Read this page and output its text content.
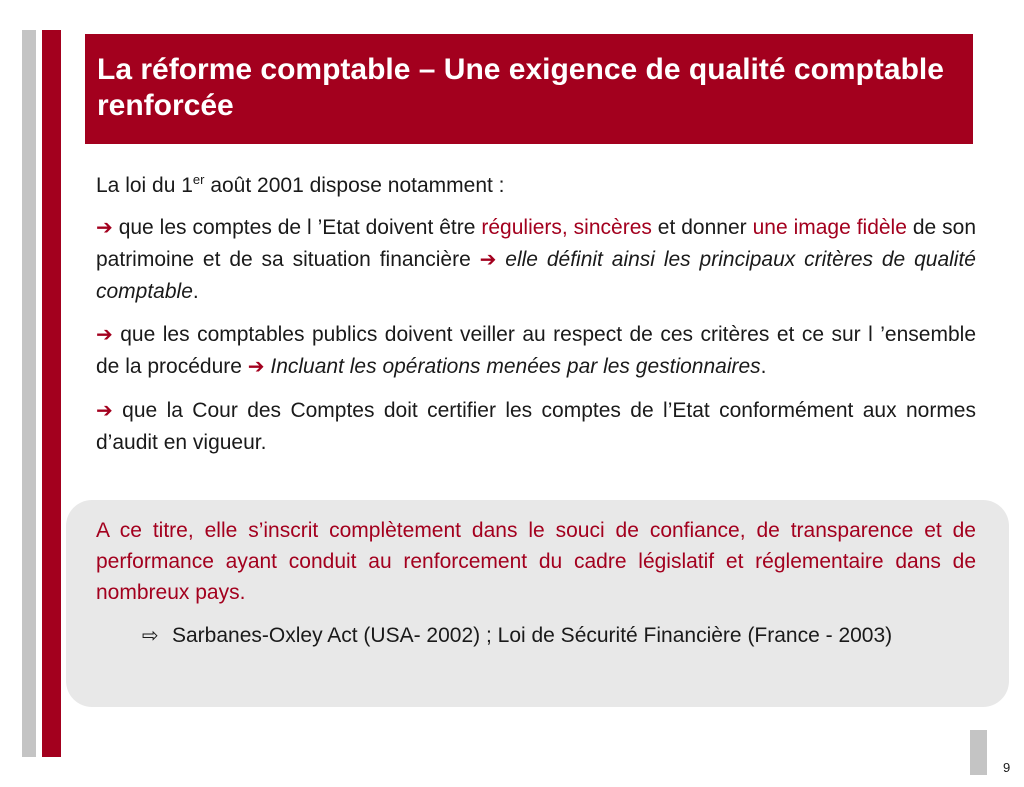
La réforme comptable – Une exigence de qualité comptable renforcée

La loi du 1er août 2001 dispose notamment :

➔ que les comptes de l ’Etat doivent être réguliers, sincères et donner une image fidèle de son patrimoine et de sa situation financière ➔ elle définit ainsi les principaux critères de qualité comptable.

➔ que les comptables publics doivent veiller au respect de ces critères et ce sur l ’ensemble de la procédure ➔ Incluant les opérations menées par les gestionnaires.

➔ que la Cour des Comptes doit certifier les comptes de l’Etat conformément aux normes d’audit en vigueur.

A ce titre, elle s’inscrit complètement dans le souci de confiance, de transparence et de performance ayant conduit au renforcement du cadre législatif et réglementaire dans de nombreux pays.

⇨ Sarbanes-Oxley Act (USA- 2002) ; Loi de Sécurité Financière (France - 2003)

9
